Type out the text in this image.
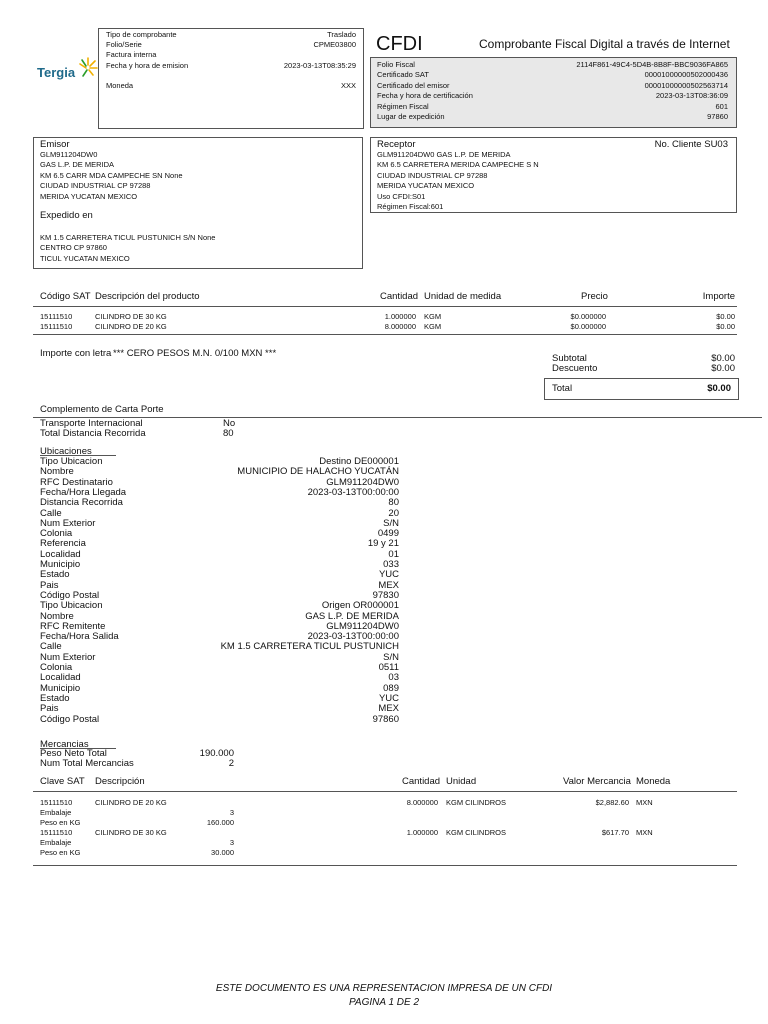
Tergia
Tipo de comprobante	Traslado
Folio/Serie	CPME03800
Factura interna
Fecha y hora de emision	2023-03-13T08:35:29
Moneda	XXX
CFDI	Comprobante Fiscal Digital a través de Internet
Folio Fiscal	2114F861-49C4-5D4B-8B8F-BBC9036FA865
Certificado SAT	00001000000502000436
Certificado del emisor	00001000000502563714
Fecha y hora de certificación	2023-03-13T08:36:09
Régimen Fiscal	601
Lugar de expedición	97860
Emisor
GLM911204DW0
GAS L.P. DE MERIDA
KM 6.5 CARR MDA CAMPECHE SN None
CIUDAD INDUSTRIAL CP 97288
MERIDA YUCATAN MEXICO
Expedido en
KM 1.5 CARRETERA TICUL PUSTUNICH S/N None
CENTRO CP 97860
TICUL YUCATAN MEXICO
Receptor	No. Cliente SU03
GLM911204DW0 GAS L.P. DE MERIDA
KM 6.5 CARRETERA MERIDA CAMPECHE S N
CIUDAD INDUSTRIAL CP 97288
MERIDA YUCATAN MEXICO
Uso CFDI:S01
Régimen Fiscal:601
Código SAT Descripción del producto	Cantidad Unidad de medida	Precio	Importe
15111510	CILINDRO DE 30 KG	1.000000 KGM	$0.000000	$0.00
15111510	CILINDRO DE 20 KG	8.000000 KGM	$0.000000	$0.00
Importe con letra *** CERO PESOS M.N. 0/100 MXN ***	Subtotal	$0.00
Descuento	$0.00
Total	$0.00
Complemento de Carta Porte
Transporte Internacional	No
Total Distancia Recorrida	80
Ubicaciones
Tipo Ubicacion	Destino DE000001
Nombre	MUNICIPIO DE HALACHO YUCATÁN
RFC Destinatario	GLM911204DW0
Fecha/Hora Llegada	2023-03-13T00:00:00
Distancia Recorrida	80
Calle	20
Num Exterior	S/N
Colonia	0499
Referencia	19 y 21
Localidad	01
Municipio	033
Estado	YUC
Pais	MEX
Código Postal	97830
Tipo Ubicacion	Origen OR000001
Nombre	GAS L.P. DE MERIDA
RFC Remitente	GLM911204DW0
Fecha/Hora Salida	2023-03-13T00:00:00
Calle	KM 1.5 CARRETERA TICUL PUSTUNICH
Num Exterior	S/N
Colonia	0511
Localidad	03
Municipio	089
Estado	YUC
Pais	MEX
Código Postal	97860
Mercancias
Peso Neto Total	190.000
Num Total Mercancias	2
Clave SAT Descripción	Cantidad Unidad	Valor Mercancia Moneda
15111510	CILINDRO DE 20 KG	8.000000 KGM CILINDROS	$2,882.60 MXN
Embalaje	3
Peso en KG	160.000
15111510	CILINDRO DE 30 KG	1.000000 KGM CILINDROS	$617.70 MXN
Embalaje	3
Peso en KG	30.000
ESTE DOCUMENTO ES UNA REPRESENTACION IMPRESA DE UN CFDI
PAGINA 1 DE 2
